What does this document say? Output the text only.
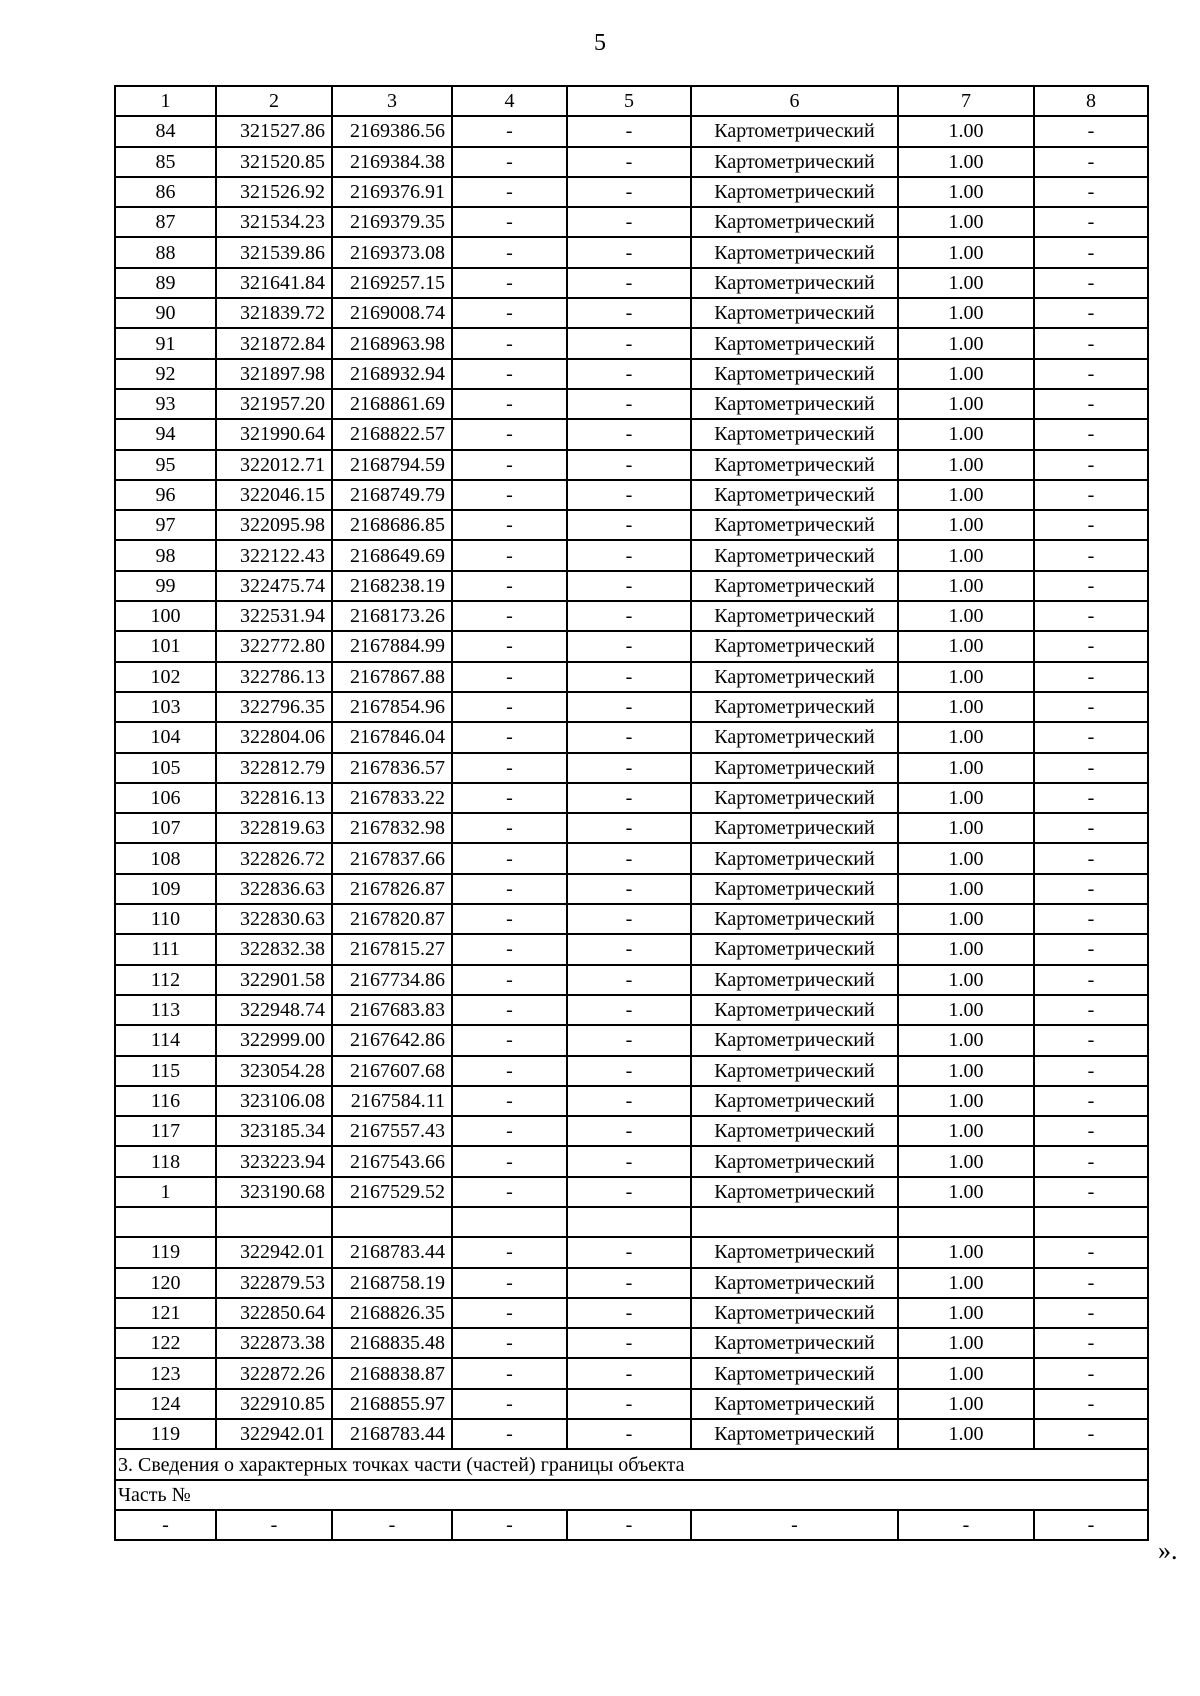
5
1	2	3	4	5	6	7	8
84	321527.86	2169386.56	-	-	Картометрический	1.00	-
85	321520.85	2169384.38	-	-	Картометрический	1.00	-
86	321526.92	2169376.91	-	-	Картометрический	1.00	-
87	321534.23	2169379.35	-	-	Картометрический	1.00	-
88	321539.86	2169373.08	-	-	Картометрический	1.00	-
89	321641.84	2169257.15	-	-	Картометрический	1.00	-
90	321839.72	2169008.74	-	-	Картометрический	1.00	-
91	321872.84	2168963.98	-	-	Картометрический	1.00	-
92	321897.98	2168932.94	-	-	Картометрический	1.00	-
93	321957.20	2168861.69	-	-	Картометрический	1.00	-
94	321990.64	2168822.57	-	-	Картометрический	1.00	-
95	322012.71	2168794.59	-	-	Картометрический	1.00	-
96	322046.15	2168749.79	-	-	Картометрический	1.00	-
97	322095.98	2168686.85	-	-	Картометрический	1.00	-
98	322122.43	2168649.69	-	-	Картометрический	1.00	-
99	322475.74	2168238.19	-	-	Картометрический	1.00	-
100	322531.94	2168173.26	-	-	Картометрический	1.00	-
101	322772.80	2167884.99	-	-	Картометрический	1.00	-
102	322786.13	2167867.88	-	-	Картометрический	1.00	-
103	322796.35	2167854.96	-	-	Картометрический	1.00	-
104	322804.06	2167846.04	-	-	Картометрический	1.00	-
105	322812.79	2167836.57	-	-	Картометрический	1.00	-
106	322816.13	2167833.22	-	-	Картометрический	1.00	-
107	322819.63	2167832.98	-	-	Картометрический	1.00	-
108	322826.72	2167837.66	-	-	Картометрический	1.00	-
109	322836.63	2167826.87	-	-	Картометрический	1.00	-
110	322830.63	2167820.87	-	-	Картометрический	1.00	-
111	322832.38	2167815.27	-	-	Картометрический	1.00	-
112	322901.58	2167734.86	-	-	Картометрический	1.00	-
113	322948.74	2167683.83	-	-	Картометрический	1.00	-
114	322999.00	2167642.86	-	-	Картометрический	1.00	-
115	323054.28	2167607.68	-	-	Картометрический	1.00	-
116	323106.08	2167584.11	-	-	Картометрический	1.00	-
117	323185.34	2167557.43	-	-	Картометрический	1.00	-
118	323223.94	2167543.66	-	-	Картометрический	1.00	-
1	323190.68	2167529.52	-	-	Картометрический	1.00	-

119	322942.01	2168783.44	-	-	Картометрический	1.00	-
120	322879.53	2168758.19	-	-	Картометрический	1.00	-
121	322850.64	2168826.35	-	-	Картометрический	1.00	-
122	322873.38	2168835.48	-	-	Картометрический	1.00	-
123	322872.26	2168838.87	-	-	Картометрический	1.00	-
124	322910.85	2168855.97	-	-	Картометрический	1.00	-
119	322942.01	2168783.44	-	-	Картометрический	1.00	-
3. Сведения о характерных точках части (частей) границы объекта							
Часть №							
-	-	-	-	-	-	-	-
».
